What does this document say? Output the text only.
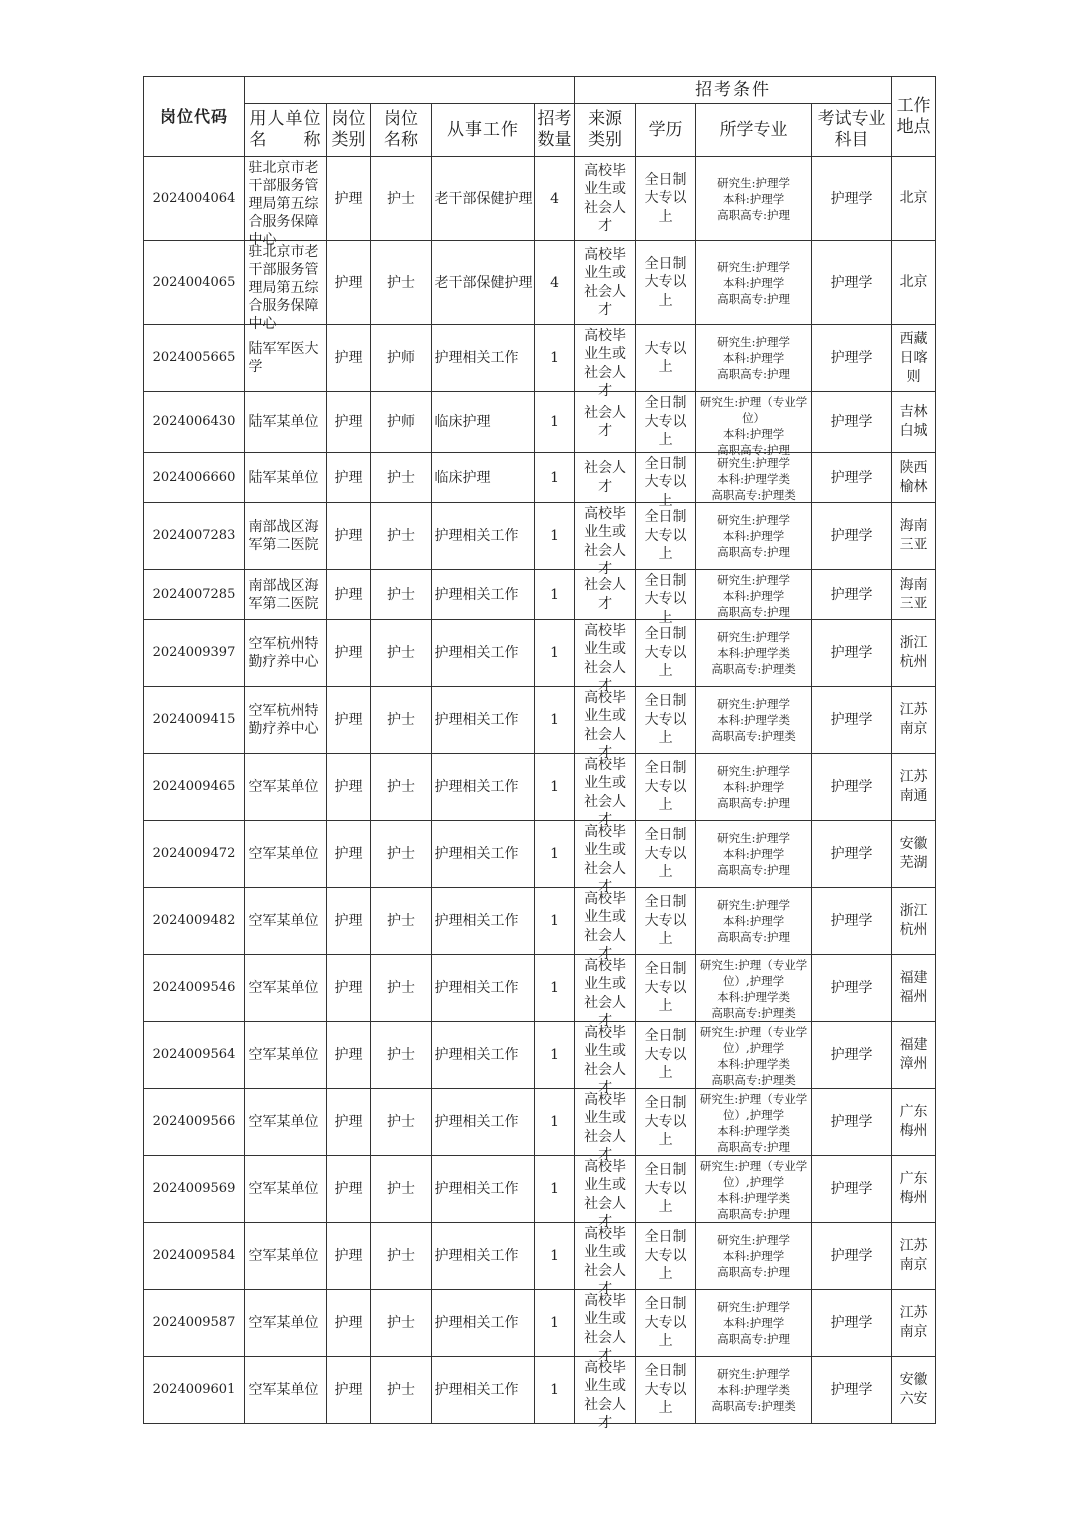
岗位代码						招考条件				工作地点

	用人单位名　　称	岗位类别	岗位名称	从事工作	招考数量	来源类别	学历	所学专业	考试专业科目	

2024004064	驻北京市老干部服务管理局第五综合服务保障中心	护理	护士	老干部保健护理	4	高校毕业生或社会人才	全日制大专以上	研究生:护理学
本科:护理学
高职高专:护理	护理学	北京

2024004065	驻北京市老干部服务管理局第五综合服务保障中心	护理	护士	老干部保健护理	4	高校毕业生或社会人才	全日制大专以上	研究生:护理学
本科:护理学
高职高专:护理	护理学	北京

2024005665	陆军军医大学	护理	护师	护理相关工作	1	高校毕业生或社会人才	大专以上	研究生:护理学
本科:护理学
高职高专:护理	护理学	西藏日喀则

2024006430	陆军某单位	护理	护师	临床护理	1	社会人才	全日制大专以上	研究生:护理（专业学位）
本科:护理学
高职高专:护理	护理学	吉林白城

2024006660	陆军某单位	护理	护士	临床护理	1	社会人才	全日制大专以上	研究生:护理学
本科:护理学类
高职高专:护理类	护理学	陕西榆林

2024007283	南部战区海军第二医院	护理	护士	护理相关工作	1	高校毕业生或社会人才	全日制大专以上	研究生:护理学
本科:护理学
高职高专:护理	护理学	海南三亚

2024007285	南部战区海军第二医院	护理	护士	护理相关工作	1	社会人才	全日制大专以上	研究生:护理学
本科:护理学
高职高专:护理	护理学	海南三亚

2024009397	空军杭州特勤疗养中心	护理	护士	护理相关工作	1	高校毕业生或社会人才	全日制大专以上	研究生:护理学
本科:护理学类
高职高专:护理类	护理学	浙江杭州

2024009415	空军杭州特勤疗养中心	护理	护士	护理相关工作	1	高校毕业生或社会人才	全日制大专以上	研究生:护理学
本科:护理学类
高职高专:护理类	护理学	江苏南京

2024009465	空军某单位	护理	护士	护理相关工作	1	高校毕业生或社会人才	全日制大专以上	研究生:护理学
本科:护理学
高职高专:护理	护理学	江苏南通

2024009472	空军某单位	护理	护士	护理相关工作	1	高校毕业生或社会人才	全日制大专以上	研究生:护理学
本科:护理学
高职高专:护理	护理学	安徽芜湖

2024009482	空军某单位	护理	护士	护理相关工作	1	高校毕业生或社会人才	全日制大专以上	研究生:护理学
本科:护理学
高职高专:护理	护理学	浙江杭州

2024009546	空军某单位	护理	护士	护理相关工作	1	高校毕业生或社会人才	全日制大专以上	研究生:护理（专业学位）,护理学
本科:护理学类
高职高专:护理类	护理学	福建福州

2024009564	空军某单位	护理	护士	护理相关工作	1	高校毕业生或社会人才	全日制大专以上	研究生:护理（专业学位）,护理学
本科:护理学类
高职高专:护理类	护理学	福建漳州

2024009566	空军某单位	护理	护士	护理相关工作	1	高校毕业生或社会人才	全日制大专以上	研究生:护理（专业学位）,护理学
本科:护理学类
高职高专:护理	护理学	广东梅州

2024009569	空军某单位	护理	护士	护理相关工作	1	高校毕业生或社会人才	全日制大专以上	研究生:护理（专业学位）,护理学
本科:护理学类
高职高专:护理	护理学	广东梅州

2024009584	空军某单位	护理	护士	护理相关工作	1	高校毕业生或社会人才	全日制大专以上	研究生:护理学
本科:护理学
高职高专:护理	护理学	江苏南京

2024009587	空军某单位	护理	护士	护理相关工作	1	高校毕业生或社会人才	全日制大专以上	研究生:护理学
本科:护理学
高职高专:护理	护理学	江苏南京

2024009601	空军某单位	护理	护士	护理相关工作	1	高校毕业生或社会人才	全日制大专以上	研究生:护理学
本科:护理学类
高职高专:护理类	护理学	安徽六安
